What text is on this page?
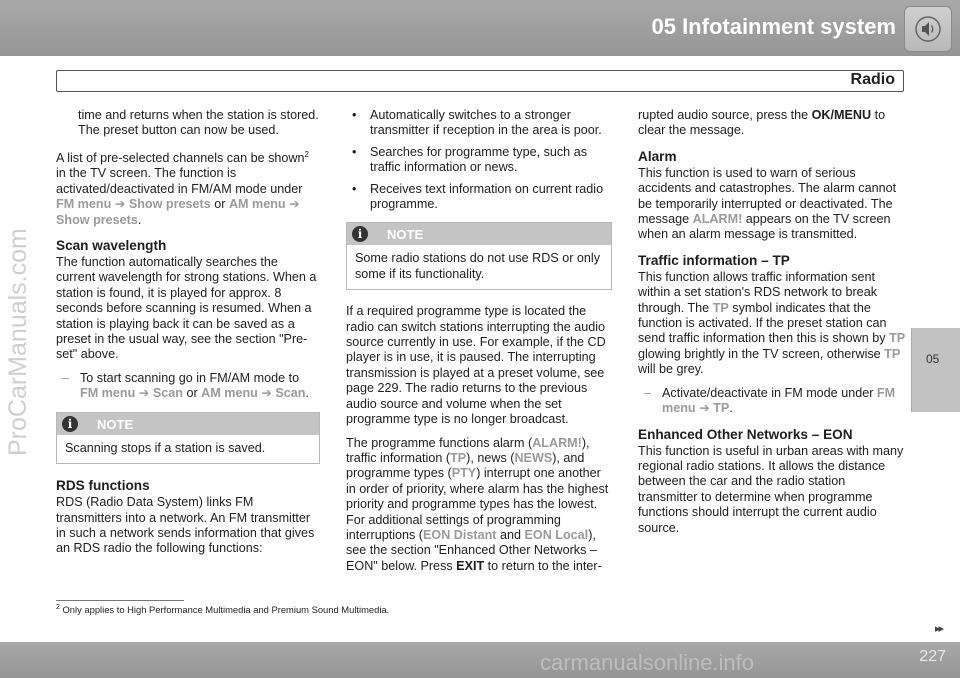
05 Infotainment system
Radio
ProCarManuals.com	05

time and returns when the station is stored. The preset button can now be used.

A list of pre-selected channels can be shown$^2$ in the TV screen. The function is activated/deactivated in FM/AM mode under FM menu ➔ Show presets or AM menu ➔ Show presets.

Scan wavelength

The function automatically searches the current wavelength for strong stations. When a station is found, it is played for approx. 8 seconds before scanning is resumed. When a station is playing back it can be saved as a preset in the usual way, see the section "Pre-set" above.

– To start scanning go in FM/AM mode to FM menu ➔ Scan or AM menu ➔ Scan.
i	NOTE
Scanning stops if a station is saved.
RDS functions

RDS (Radio Data System) links FM transmitters into a network. An FM transmitter in such a network sends information that gives an RDS radio the following functions:

• Automatically switches to a stronger transmitter if reception in the area is poor.
• Searches for programme type, such as traffic information or news.
• Receives text information on current radio programme.
i	NOTE
Some radio stations do not use RDS or only some if its functionality.

If a required programme type is located the radio can switch stations interrupting the audio source currently in use. For example, if the CD player is in use, it is paused. The interrupting transmission is played at a preset volume, see page 229. The radio returns to the previous audio source and volume when the set programme type is no longer broadcast.

The programme functions alarm (ALARM!), traffic information (TP), news (NEWS), and programme types (PTY) interrupt one another in order of priority, where alarm has the highest priority and programme types has the lowest. For additional settings of programming interruptions (EON Distant and EON Local), see the section "Enhanced Other Networks – EON" below. Press EXIT to return to the inter-

rupted audio source, press the OK/MENU to clear the message.

Alarm

This function is used to warn of serious accidents and catastrophes. The alarm cannot be temporarily interrupted or deactivated. The message ALARM! appears on the TV screen when an alarm message is transmitted.

Traffic information – TP

This function allows traffic information sent within a set station's RDS network to break through. The TP symbol indicates that the function is activated. If the preset station can send traffic information then this is shown by TP glowing brightly in the TV screen, otherwise TP will be grey.

– Activate/deactivate in FM mode under FM menu ➔ TP.
Enhanced Other Networks – EON

This function is useful in urban areas with many regional radio stations. It allows the distance between the car and the radio station transmitter to determine when programme functions should interrupt the current audio source.

$^2$ Only applies to High Performance Multimedia and Premium Sound Multimedia.
▸▸
carmanualsonline.info	227
